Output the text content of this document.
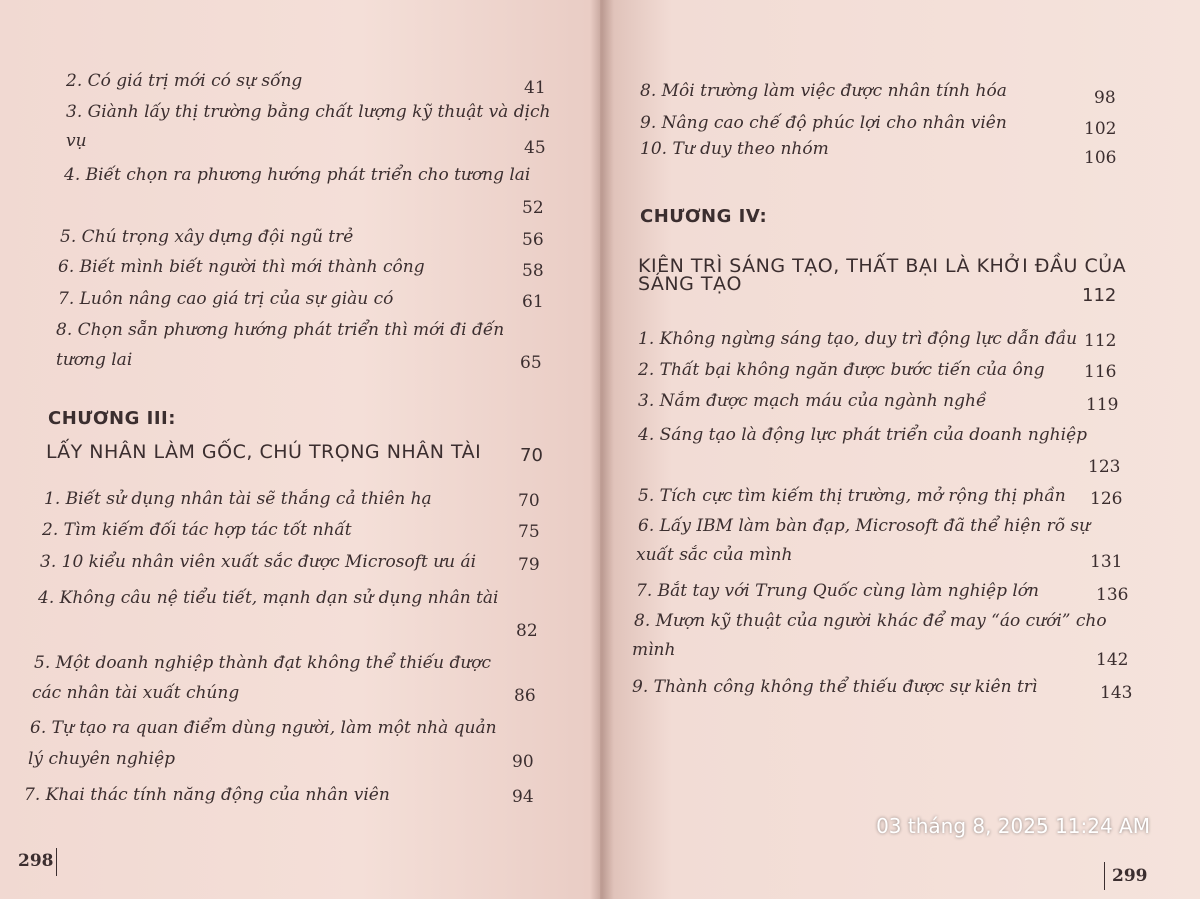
2. Có giá trị mới có sự sống	41
3. Giành lấy thị trường bằng chất lượng kỹ thuật và dịch
vụ	45
4. Biết chọn ra phương hướng phát triển cho tương lai
52
5. Chú trọng xây dựng đội ngũ trẻ	56
6. Biết mình biết người thì mới thành công	58
7. Luôn nâng cao giá trị của sự giàu có	61
8. Chọn sẵn phương hướng phát triển thì mới đi đến
tương lai	65
CHƯƠNG III:
LẤY NHÂN LÀM GỐC, CHÚ TRỌNG NHÂN TÀI 70
1. Biết sử dụng nhân tài sẽ thắng cả thiên hạ	70
2. Tìm kiếm đối tác hợp tác tốt nhất	75
3. 10 kiểu nhân viên xuất sắc được Microsoft ưu ái 79
4. Không câu nệ tiểu tiết, mạnh dạn sử dụng nhân tài
82
5. Một doanh nghiệp thành đạt không thể thiếu được
các nhân tài xuất chúng	86
6. Tự tạo ra quan điểm dùng người, làm một nhà quản
lý chuyên nghiệp	90
7. Khai thác tính năng động của nhân viên	94
298
8. Môi trường làm việc được nhân tính hóa	98
9. Nâng cao chế độ phúc lợi cho nhân viên	102
10. Tư duy theo nhóm	106
CHƯƠNG IV:
KIÊN TRÌ SÁNG TẠO, THẤT BẠI LÀ KHỞI ĐẦU CỦA
SÁNG TẠO
112
1. Không ngừng sáng tạo, duy trì động lực dẫn đầu 112
2. Thất bại không ngăn được bước tiến của ông 116
3. Nắm được mạch máu của ngành nghề	119
4. Sáng tạo là động lực phát triển của doanh nghiệp
123
5. Tích cực tìm kiếm thị trường, mở rộng thị phần 126
6. Lấy IBM làm bàn đạp, Microsoft đã thể hiện rõ sự
xuất sắc của mình	131
7. Bắt tay với Trung Quốc cùng làm nghiệp lớn	136
8. Mượn kỹ thuật của người khác để may “áo cưới” cho
mình	142
9. Thành công không thể thiếu được sự kiên trì	143
299
03 tháng 8, 2025 11:24 AM
